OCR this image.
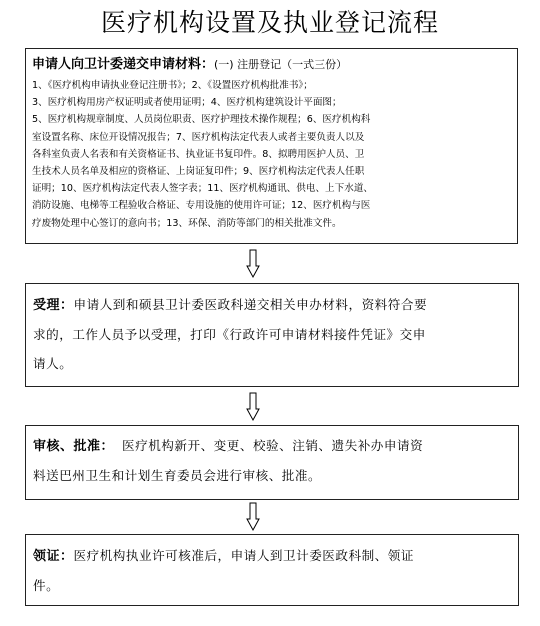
医疗机构设置及执业登记流程
申请人向卫计委递交申请材料：(一) 注册登记（一式三份）
1、《医疗机构申请执业登记注册书》；2、《设置医疗机构批准书》；
3、医疗机构用房产权证明或者使用证明；4、医疗机构建筑设计平面图；
5、医疗机构规章制度、人员岗位职责、医疗护理技术操作规程；6、医疗机构科
室设置名称、床位开设情况报告；7、医疗机构法定代表人或者主要负责人以及
各科室负责人名表和有关资格证书、执业证书复印件。8、拟聘用医护人员、卫
生技术人员名单及相应的资格证、上岗证复印件；9、医疗机构法定代表人任职
证明；10、医疗机构法定代表人签字表；11、医疗机构通讯、供电、上下水道、
消防设施、电梯等工程验收合格证、专用设施的使用许可证；12、医疗机构与医
疗废物处理中心签订的意向书；13、环保、消防等部门的相关批准文件。
受理：申请人到和硕县卫计委医政科递交相关申办材料，资料符合要
求的，工作人员予以受理，打印《行政许可申请材料接件凭证》交申
请人。
审核、批准： 医疗机构新开、变更、校验、注销、遗失补办申请资
料送巴州卫生和计划生育委员会进行审核、批准。
领证：医疗机构执业许可核准后，申请人到卫计委医政科制、领证
件。
